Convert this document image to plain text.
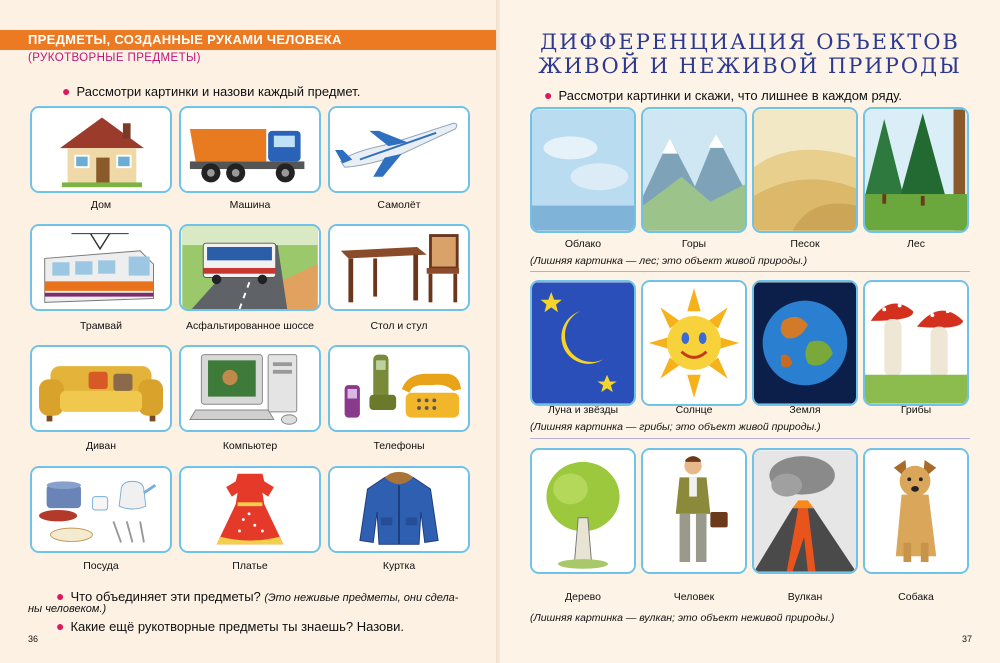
ПРЕДМЕТЫ, СОЗДАННЫЕ РУКАМИ ЧЕЛОВЕКА
(РУКОТВОРНЫЕ ПРЕДМЕТЫ)
● Рассмотри картинки и назови каждый предмет.
Дом	Машина	Самолёт
Трамвай	Асфальтированное шоссе	Стол и стул
Диван	Компьютер	Телефоны
Посуда	Платье	Куртка
● Что объединяет эти предметы? (Это неживые предметы, они сдела-
ны человеком.)
● Какие ещё рукотворные предметы ты знаешь? Назови.
36
ДИФФЕРЕНЦИАЦИЯ ОБЪЕКТОВ
ЖИВОЙ И НЕЖИВОЙ ПРИРОДЫ
● Рассмотри картинки и скажи, что лишнее в каждом ряду.
Облако	Горы	Песок	Лес
(Лишняя картинка — лес; это объект живой природы.)
Луна и звёзды	Солнце	Земля	Грибы
(Лишняя картинка — грибы; это объект живой природы.)
Дерево	Человек	Вулкан	Собака
(Лишняя картинка — вулкан; это объект неживой природы.)
37
